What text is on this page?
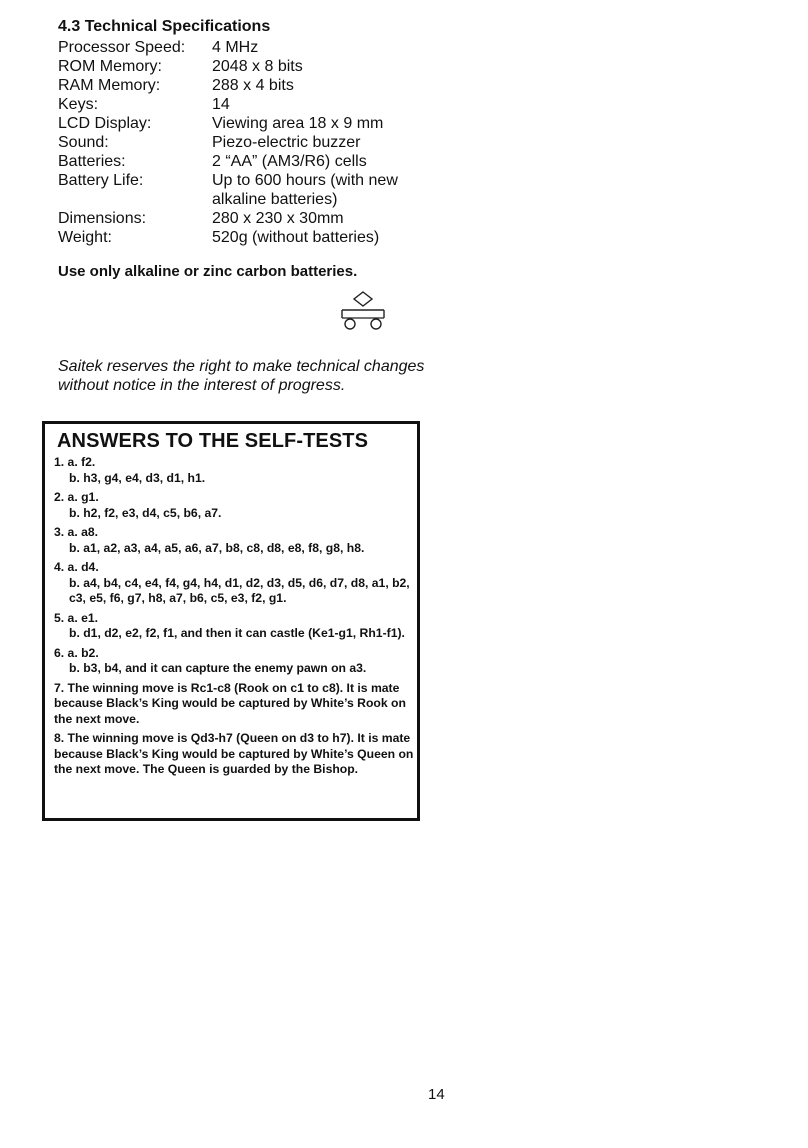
4.3 Technical Specifications
Processor Speed: 4 MHz
ROM Memory:	2048 x 8 bits
RAM Memory:	288 x 4 bits
Keys:	14
LCD Display:	Viewing area 18 x 9 mm
Sound:	Piezo-electric buzzer
Batteries:	2 “AA” (AM3/R6) cells
Battery Life:	Up to 600 hours (with new alkaline batteries)
Dimensions:	280 x 230 x 30mm
Weight:	520g (without batteries)
Use only alkaline or zinc carbon batteries.
Saitek reserves the right to make technical changes without notice in the interest of progress.
ANSWERS TO THE SELF-TESTS
1. a. f2.
b. h3, g4, e4, d3, d1, h1.
2. a. g1.
b. h2, f2, e3, d4, c5, b6, a7.
3. a. a8.
b. a1, a2, a3, a4, a5, a6, a7, b8, c8, d8, e8, f8, g8, h8.
4. a. d4.
b. a4, b4, c4, e4, f4, g4, h4, d1, d2, d3, d5, d6, d7, d8, a1, b2, c3, e5, f6, g7, h8, a7, b6, c5, e3, f2, g1.
5. a. e1.
b. d1, d2, e2, f2, f1, and then it can castle (Ke1-g1, Rh1-f1).
6. a. b2.
b. b3, b4, and it can capture the enemy pawn on a3.
7. The winning move is Rc1-c8 (Rook on c1 to c8). It is mate because Black’s King would be captured by White’s Rook on the next move.
8. The winning move is Qd3-h7 (Queen on d3 to h7). It is mate because Black’s King would be captured by White’s Queen on the next move. The Queen is guarded by the Bishop.
14
